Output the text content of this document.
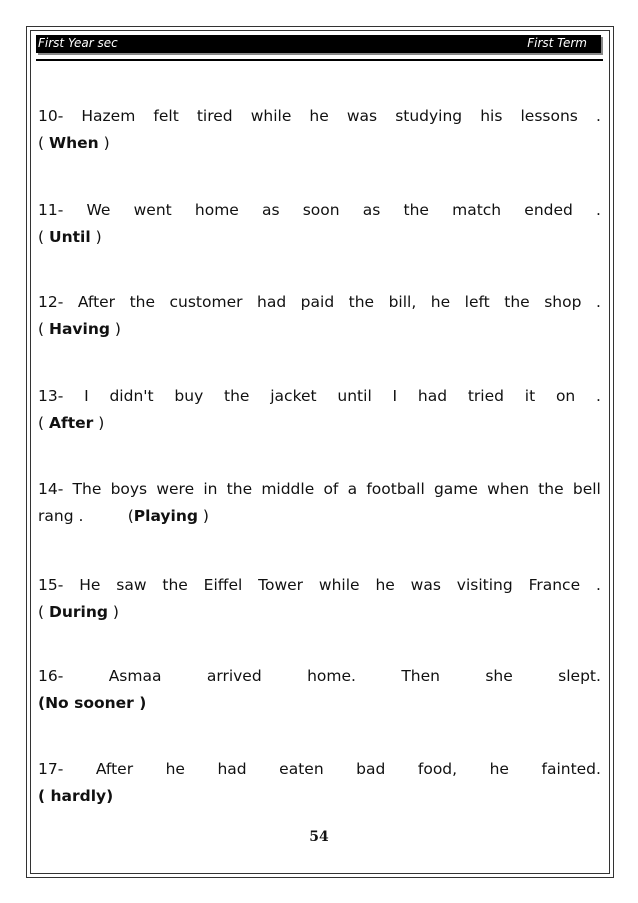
First Year sec	First Term
10- Hazem felt tired while he was studying his lessons .
( When )
11- We went home as soon as the match ended .
( Until )
12- After the customer had paid the bill, he left the shop .
( Having )
13- I didn't buy the jacket until I had tried it on .
( After )
14- The boys were in the middle of a football game when the bell
rang .         (Playing )
15- He saw the Eiffel Tower while he was visiting France .
( During )
16-	Asmaa	arrived	home.	Then	she	slept.
(No sooner )
17- After he had eaten bad food, he fainted.
( hardly)
54
